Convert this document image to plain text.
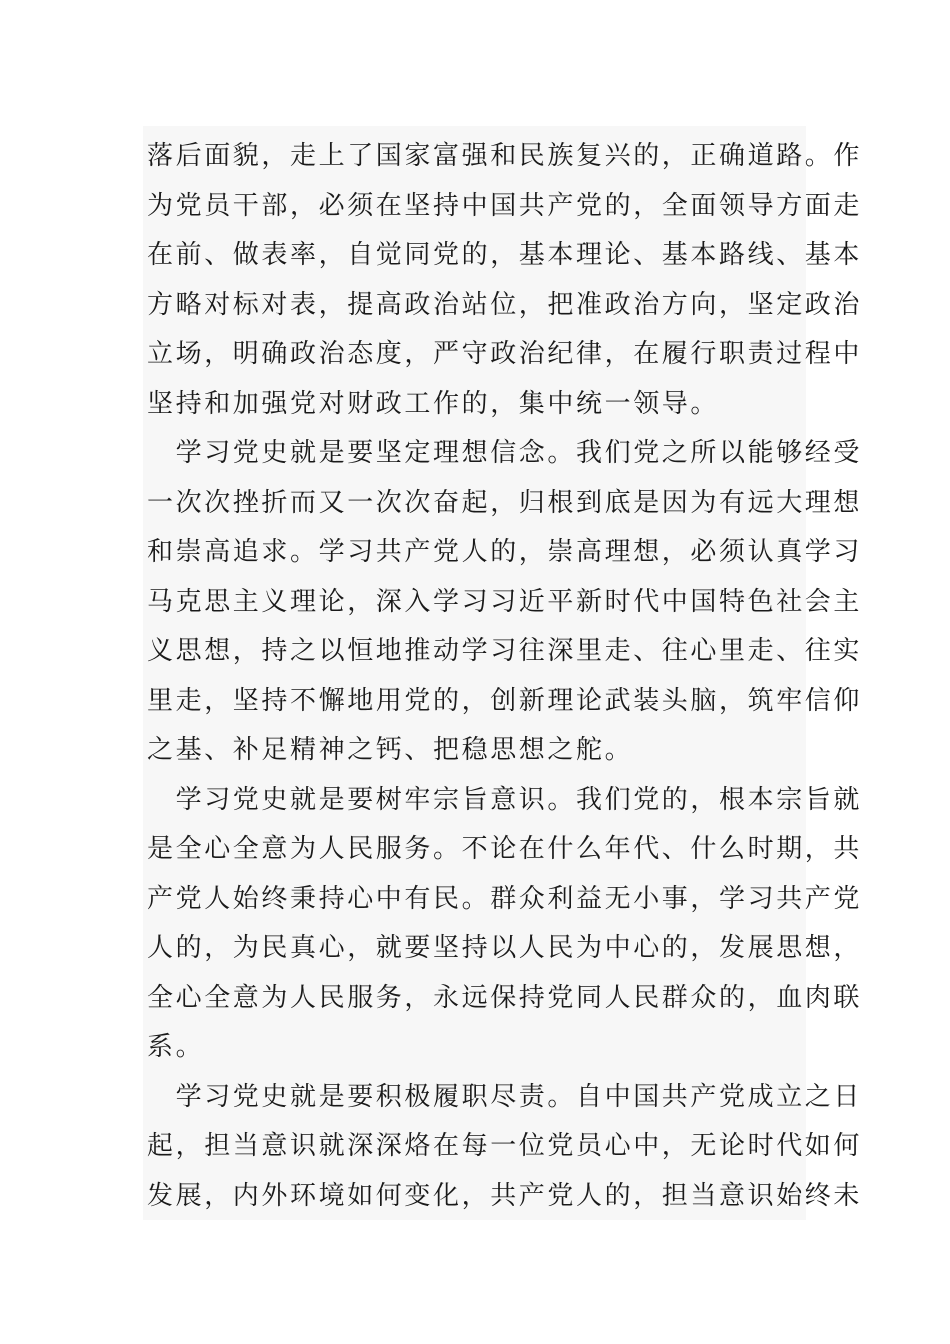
落后面貌，走上了国家富强和民族复兴的，正确道路。作
为党员干部，必须在坚持中国共产党的，全面领导方面走
在前、做表率，自觉同党的，基本理论、基本路线、基本
方略对标对表，提高政治站位，把准政治方向，坚定政治
立场，明确政治态度，严守政治纪律，在履行职责过程中
坚持和加强党对财政工作的，集中统一领导。
　学习党史就是要坚定理想信念。我们党之所以能够经受
一次次挫折而又一次次奋起，归根到底是因为有远大理想
和崇高追求。学习共产党人的，崇高理想，必须认真学习
马克思主义理论，深入学习习近平新时代中国特色社会主
义思想，持之以恒地推动学习往深里走、往心里走、往实
里走，坚持不懈地用党的，创新理论武装头脑，筑牢信仰
之基、补足精神之钙、把稳思想之舵。
　学习党史就是要树牢宗旨意识。我们党的，根本宗旨就
是全心全意为人民服务。不论在什么年代、什么时期，共
产党人始终秉持心中有民。群众利益无小事，学习共产党
人的，为民真心，就要坚持以人民为中心的，发展思想，
全心全意为人民服务，永远保持党同人民群众的，血肉联
系。
　学习党史就是要积极履职尽责。自中国共产党成立之日
起，担当意识就深深烙在每一位党员心中，无论时代如何
发展，内外环境如何变化，共产党人的，担当意识始终未
